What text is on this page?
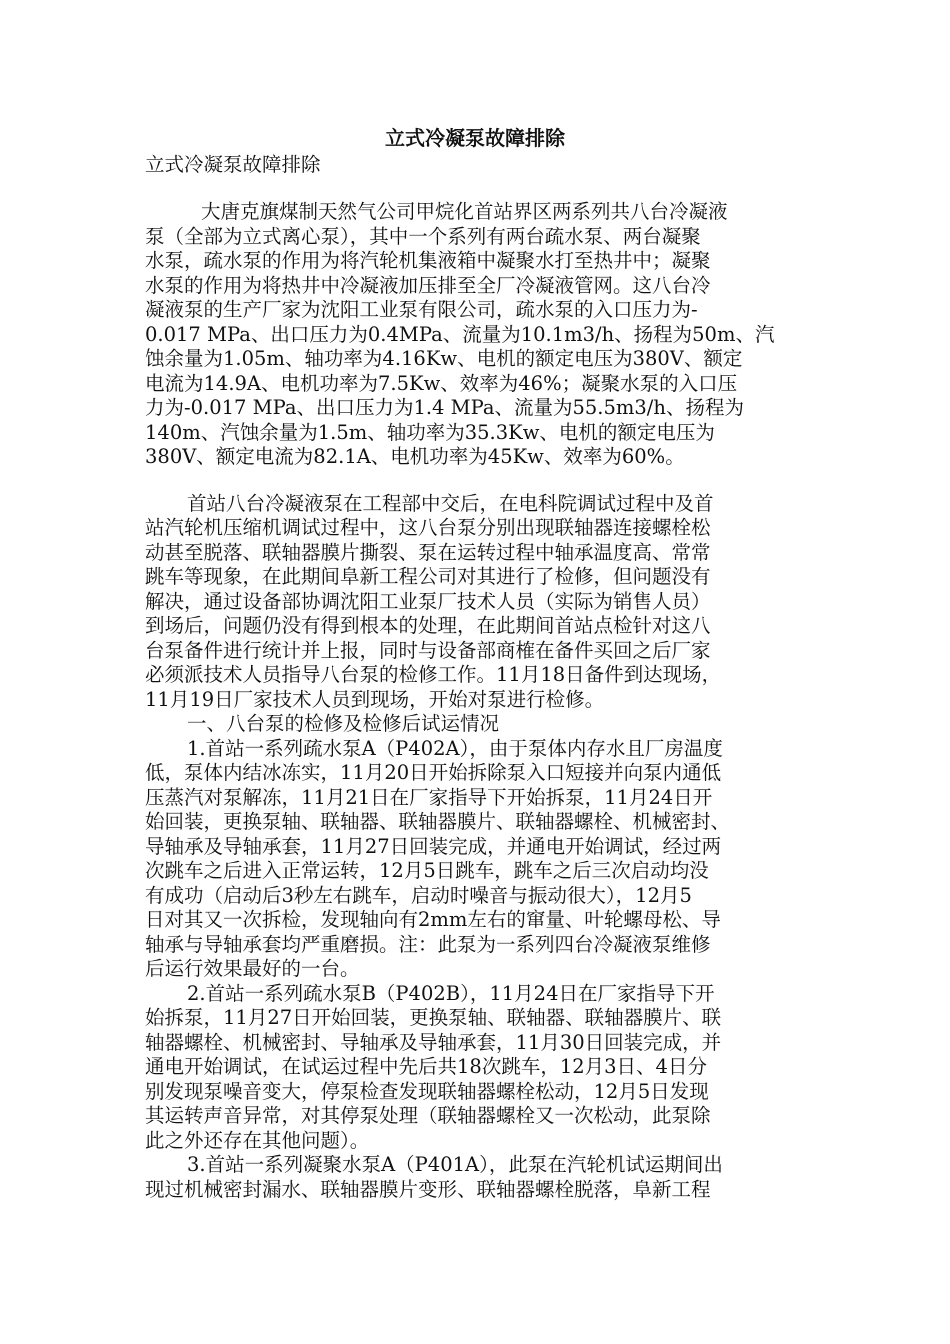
立式冷凝泵故障排除

立式冷凝泵故障排除

大唐克旗煤制天然气公司甲烷化首站界区两系列共八台冷凝液
泵（全部为立式离心泵），其中一个系列有两台疏水泵、两台凝聚
水泵，疏水泵的作用为将汽轮机集液箱中凝聚水打至热井中；凝聚
水泵的作用为将热井中冷凝液加压排至全厂冷凝液管网。这八台冷
凝液泵的生产厂家为沈阳工业泵有限公司，疏水泵的入口压力为-
0.017 MPa、出口压力为0.4MPa、流量为10.1m3/h、扬程为50m、汽
蚀余量为1.05m、轴功率为4.16Kw、电机的额定电压为380V、额定
电流为14.9A、电机功率为7.5Kw、效率为46%；凝聚水泵的入口压
力为-0.017 MPa、出口压力为1.4 MPa、流量为55.5m3/h、扬程为
140m、汽蚀余量为1.5m、轴功率为35.3Kw、电机的额定电压为
380V、额定电流为82.1A、电机功率为45Kw、效率为60%。

首站八台冷凝液泵在工程部中交后，在电科院调试过程中及首
站汽轮机压缩机调试过程中，这八台泵分别出现联轴器连接螺栓松
动甚至脱落、联轴器膜片撕裂、泵在运转过程中轴承温度高、常常
跳车等现象，在此期间阜新工程公司对其进行了检修，但问题没有
解决，通过设备部协调沈阳工业泵厂技术人员（实际为销售人员）
到场后，问题仍没有得到根本的处理，在此期间首站点检针对这八
台泵备件进行统计并上报，同时与设备部商榷在备件买回之后厂家
必须派技术人员指导八台泵的检修工作。11月18日备件到达现场，
11月19日厂家技术人员到现场，开始对泵进行检修。

一、八台泵的检修及检修后试运情况

1.首站一系列疏水泵A（P402A），由于泵体内存水且厂房温度
低，泵体内结冰冻实，11月20日开始拆除泵入口短接并向泵内通低
压蒸汽对泵解冻，11月21日在厂家指导下开始拆泵，11月24日开
始回装，更换泵轴、联轴器、联轴器膜片、联轴器螺栓、机械密封、
导轴承及导轴承套，11月27日回装完成，并通电开始调试，经过两
次跳车之后进入正常运转，12月5日跳车，跳车之后三次启动均没
有成功（启动后3秒左右跳车，启动时噪音与振动很大），12月5
日对其又一次拆检，发现轴向有2mm左右的窜量、叶轮螺母松、导
轴承与导轴承套均严重磨损。注：此泵为一系列四台冷凝液泵维修
后运行效果最好的一台。

2.首站一系列疏水泵B（P402B），11月24日在厂家指导下开
始拆泵，11月27日开始回装，更换泵轴、联轴器、联轴器膜片、联
轴器螺栓、机械密封、导轴承及导轴承套，11月30日回装完成，并
通电开始调试，在试运过程中先后共18次跳车，12月3日、4日分
别发现泵噪音变大，停泵检查发现联轴器螺栓松动，12月5日发现
其运转声音异常，对其停泵处理（联轴器螺栓又一次松动，此泵除
此之外还存在其他问题）。

3.首站一系列凝聚水泵A（P401A），此泵在汽轮机试运期间出
现过机械密封漏水、联轴器膜片变形、联轴器螺栓脱落，阜新工程
